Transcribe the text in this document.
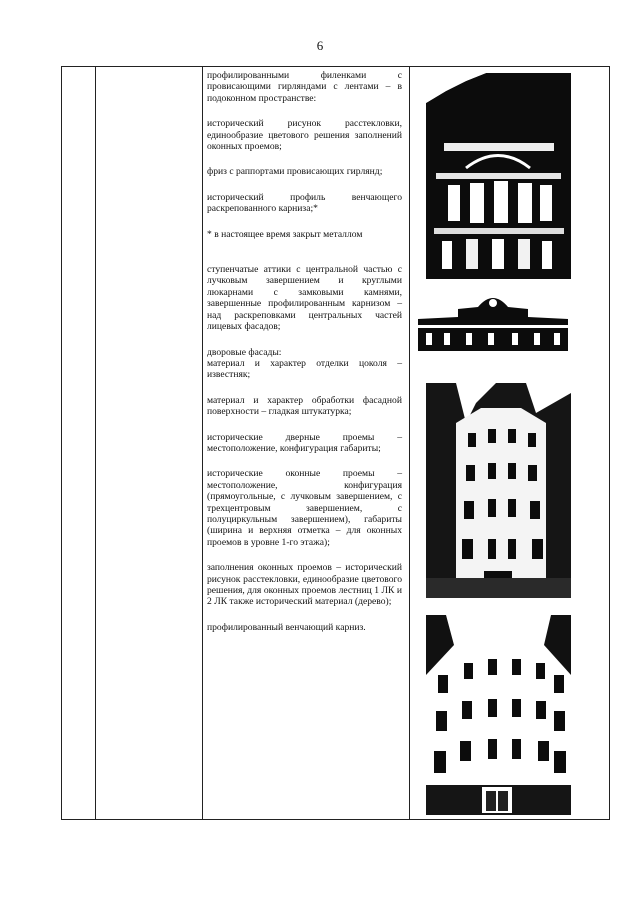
6

профилированными филенками с провисающими гирляндами с лентами – в подоконном пространстве:

исторический рисунок расстекловки, единообразие цветового решения заполнений оконных проемов;

фриз с раппортами провисающих гирлянд;

исторический профиль венчающего раскрепованного карниза;*

* в настоящее время закрыт металлом

ступенчатые аттики с центральной частью с лучковым завершением и круглыми люкарнами с замковыми камнями, завершенные профилированным карнизом – над раскреповками центральных частей лицевых фасадов;

дворовые фасады:

материал и характер отделки цоколя – известняк;

материал и характер обработки фасадной поверхности – гладкая штукатурка;

исторические дверные проемы – местоположение, конфигурация габариты;

исторические оконные проемы – местоположение, конфигурация (прямоугольные, с лучковым завершением, с трехцентровым завершением, с полуциркульным завершением), габариты (ширина и верхняя отметка – для оконных проемов в уровне 1-го этажа);

заполнения оконных проемов – исторический рисунок расстекловки, единообразие цветового решения, для оконных проемов лестниц 1 ЛК и 2 ЛК также исторический материал (дерево);

профилированный венчающий карниз.
